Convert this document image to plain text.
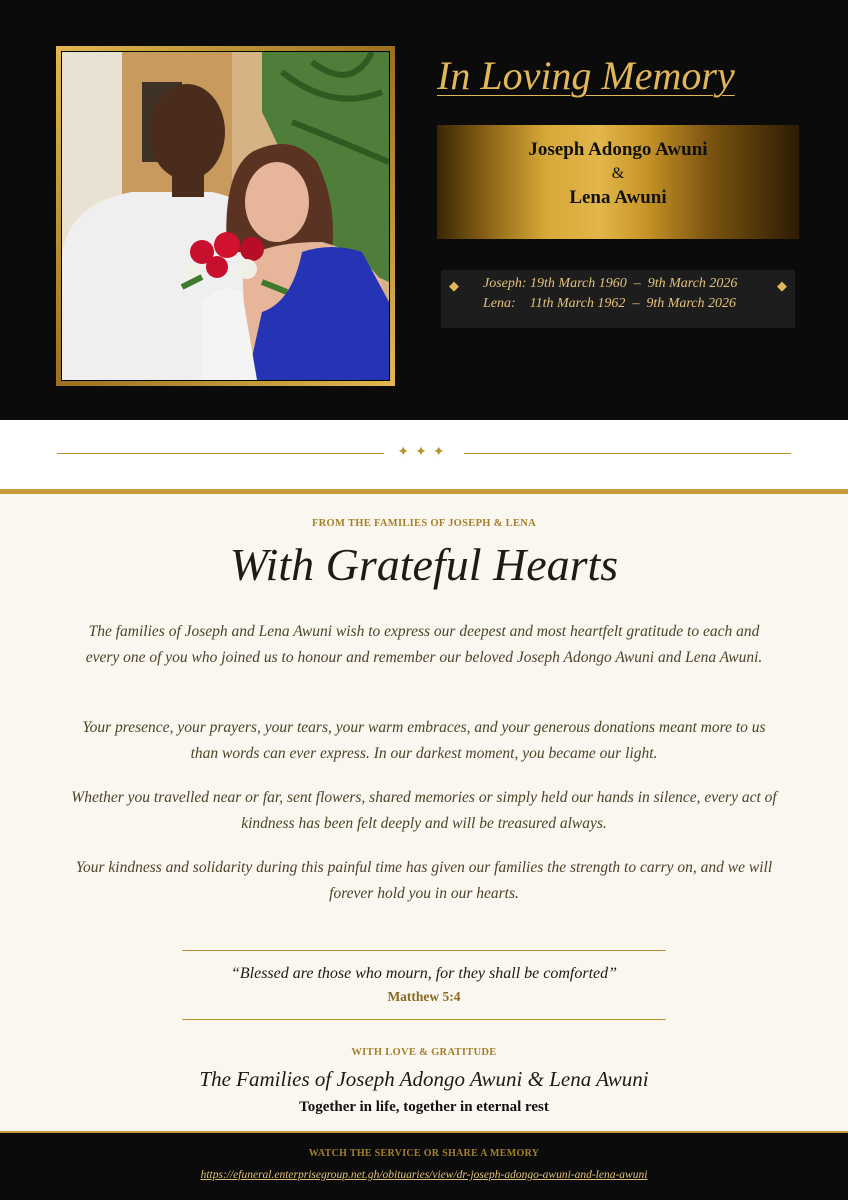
In Loving Memory
Joseph Adongo Awuni
&
Lena Awuni
◆	◆
Joseph: 19th March 1960  –  9th March 2026
Lena:    11th March 1962  –  9th March 2026
✦✦✦
FROM THE FAMILIES OF JOSEPH & LENA
With Grateful Hearts
The families of Joseph and Lena Awuni wish to express our deepest and most heartfelt gratitude to each and every one of you who joined us to honour and remember our beloved Joseph Adongo Awuni and Lena Awuni.
Your presence, your prayers, your tears, your warm embraces, and your generous donations meant more to us than words can ever express. In our darkest moment, you became our light.
Whether you travelled near or far, sent flowers, shared memories or simply held our hands in silence, every act of kindness has been felt deeply and will be treasured always.
Your kindness and solidarity during this painful time has given our families the strength to carry on, and we will forever hold you in our hearts.
“Blessed are those who mourn, for they shall be comforted”
Matthew 5:4
WITH LOVE & GRATITUDE
The Families of Joseph Adongo Awuni & Lena Awuni
Together in life, together in eternal rest
WATCH THE SERVICE OR SHARE A MEMORY
https://efuneral.enterprisegroup.net.gh/obituaries/view/dr-joseph-adongo-awuni-and-lena-awuni
